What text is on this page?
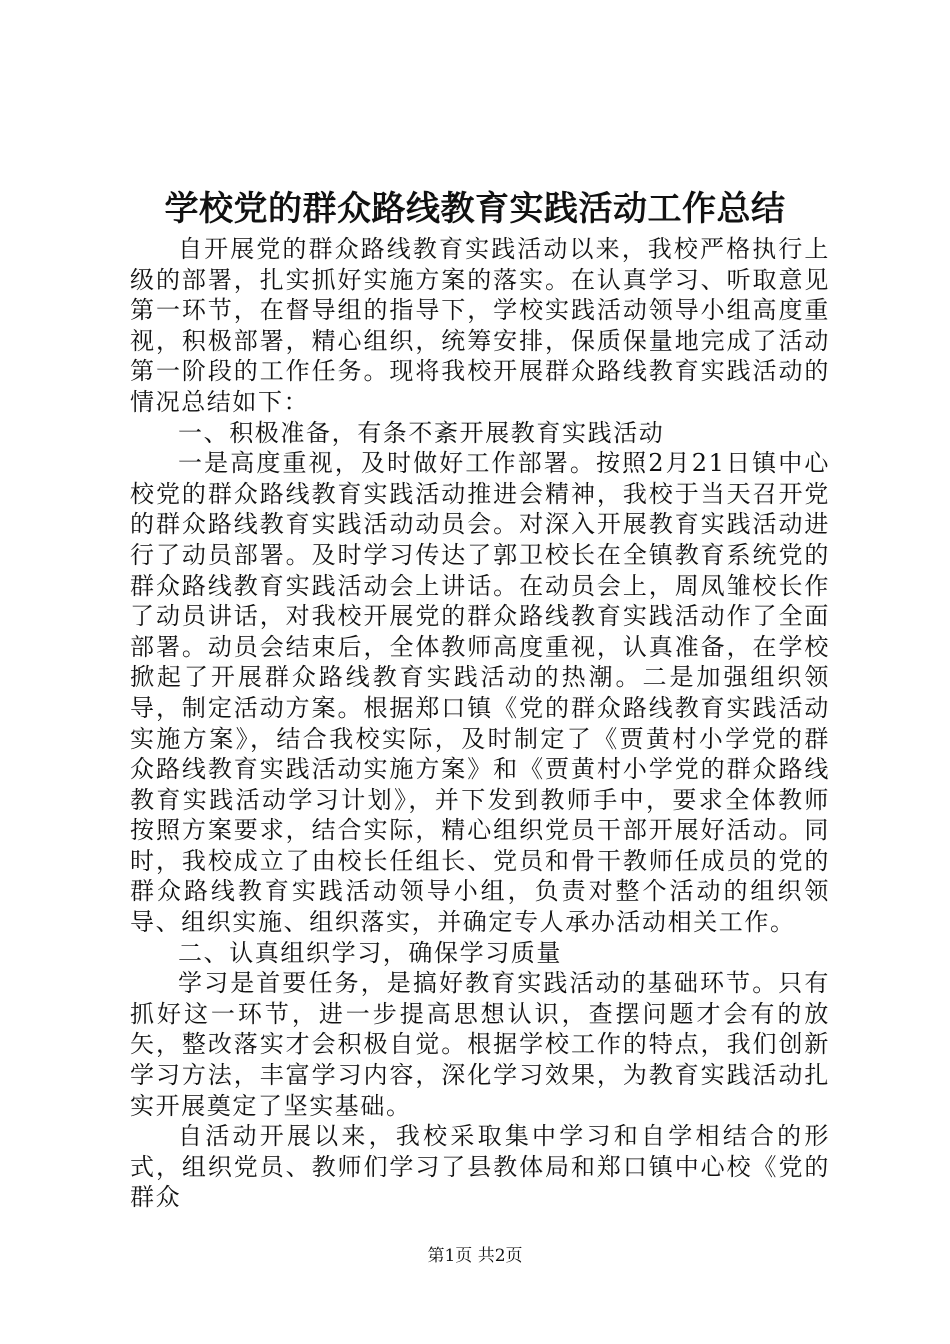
学校党的群众路线教育实践活动工作总结

自开展党的群众路线教育实践活动以来，我校严格执行上级的部署，扎实抓好实施方案的落实。在认真学习、听取意见第一环节，在督导组的指导下，学校实践活动领导小组高度重视，积极部署，精心组织，统筹安排，保质保量地完成了活动第一阶段的工作任务。现将我校开展群众路线教育实践活动的情况总结如下：

一、积极准备，有条不紊开展教育实践活动

一是高度重视，及时做好工作部署。按照2月21日镇中心校党的群众路线教育实践活动推进会精神，我校于当天召开党的群众路线教育实践活动动员会。对深入开展教育实践活动进行了动员部署。及时学习传达了郭卫校长在全镇教育系统党的群众路线教育实践活动会上讲话。在动员会上，周凤雏校长作了动员讲话，对我校开展党的群众路线教育实践活动作了全面部署。动员会结束后，全体教师高度重视，认真准备，在学校掀起了开展群众路线教育实践活动的热潮。二是加强组织领导，制定活动方案。根据郑口镇《党的群众路线教育实践活动实施方案》，结合我校实际，及时制定了《贾黄村小学党的群众路线教育实践活动实施方案》和《贾黄村小学党的群众路线教育实践活动学习计划》，并下发到教师手中，要求全体教师按照方案要求，结合实际，精心组织党员干部开展好活动。同时，我校成立了由校长任组长、党员和骨干教师任成员的党的群众路线教育实践活动领导小组，负责对整个活动的组织领导、组织实施、组织落实，并确定专人承办活动相关工作。

二、认真组织学习，确保学习质量

学习是首要任务，是搞好教育实践活动的基础环节。只有抓好这一环节，进一步提高思想认识，查摆问题才会有的放矢，整改落实才会积极自觉。根据学校工作的特点，我们创新学习方法，丰富学习内容，深化学习效果，为教育实践活动扎实开展奠定了坚实基础。

自活动开展以来，我校采取集中学习和自学相结合的形式，组织党员、教师们学习了县教体局和郑口镇中心校《党的群众

第1页 共2页
